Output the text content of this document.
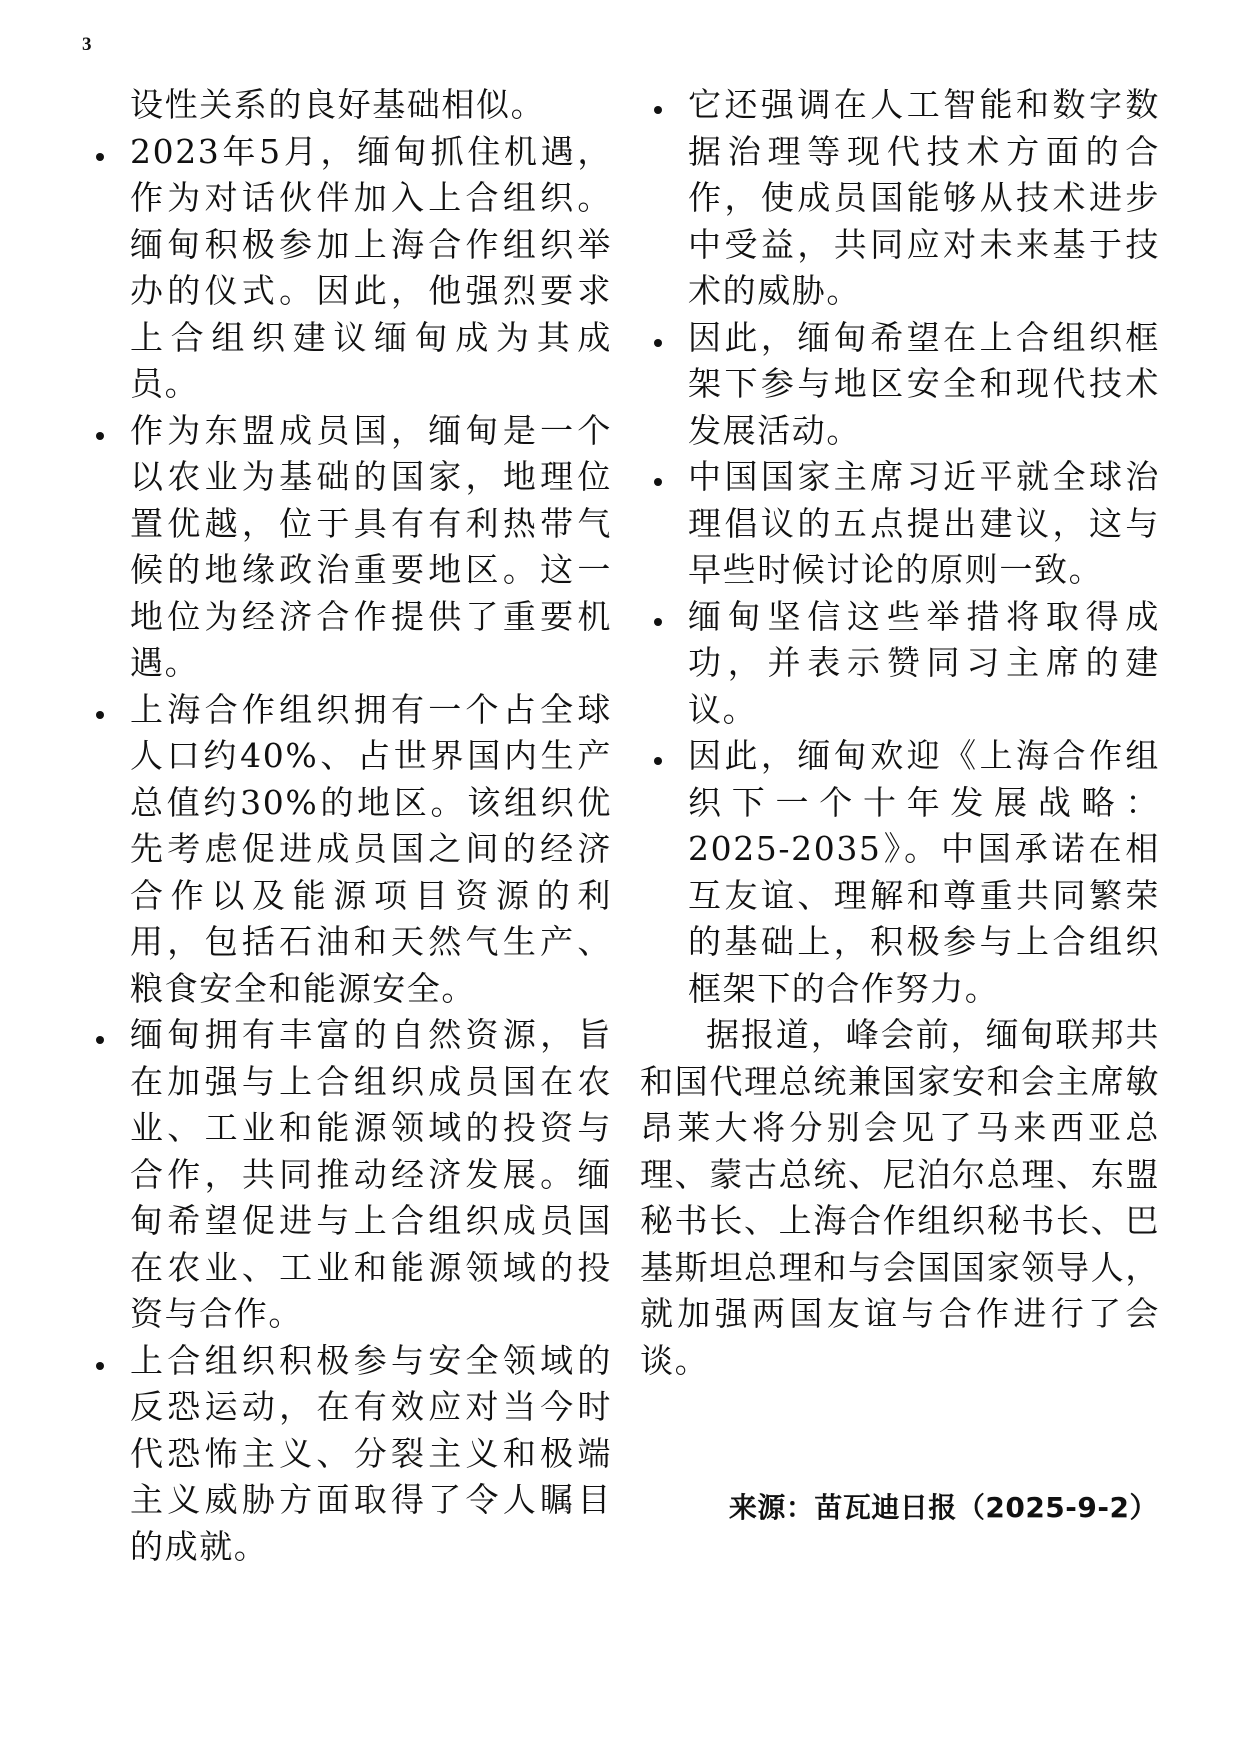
3

设性关系的良好基础相似。

2023年5月，缅甸抓住机遇，作为对话伙伴加入上合组织。缅甸积极参加上海合作组织举办的仪式。因此，他强烈要求上合组织建议缅甸成为其成员。
作为东盟成员国，缅甸是一个以农业为基础的国家，地理位置优越，位于具有有利热带气候的地缘政治重要地区。这一地位为经济合作提供了重要机遇。
上海合作组织拥有一个占全球人口约40%、占世界国内生产总值约30%的地区。该组织优先考虑促进成员国之间的经济合作以及能源项目资源的利用，包括石油和天然气生产、粮食安全和能源安全。
缅甸拥有丰富的自然资源，旨在加强与上合组织成员国在农业、工业和能源领域的投资与合作，共同推动经济发展。缅甸希望促进与上合组织成员国在农业、工业和能源领域的投资与合作。
上合组织积极参与安全领域的反恐运动，在有效应对当今时代恐怖主义、分裂主义和极端主义威胁方面取得了令人瞩目的成就。
它还强调在人工智能和数字数据治理等现代技术方面的合作，使成员国能够从技术进步中受益，共同应对未来基于技术的威胁。
因此，缅甸希望在上合组织框架下参与地区安全和现代技术发展活动。
中国国家主席习近平就全球治理倡议的五点提出建议，这与早些时候讨论的原则一致。
缅甸坚信这些举措将取得成功，并表示赞同习主席的建议。
因此，缅甸欢迎《上海合作组织下一个十年发展战略：2025-2035》。中国承诺在相互友谊、理解和尊重共同繁荣的基础上，积极参与上合组织框架下的合作努力。

据报道，峰会前，缅甸联邦共和国代理总统兼国家安和会主席敏昂莱大将分别会见了马来西亚总理、蒙古总统、尼泊尔总理、东盟秘书长、上海合作组织秘书长、巴基斯坦总理和与会国国家领导人，就加强两国友谊与合作进行了会谈。

来源：苗瓦迪日报（2025-9-2）
